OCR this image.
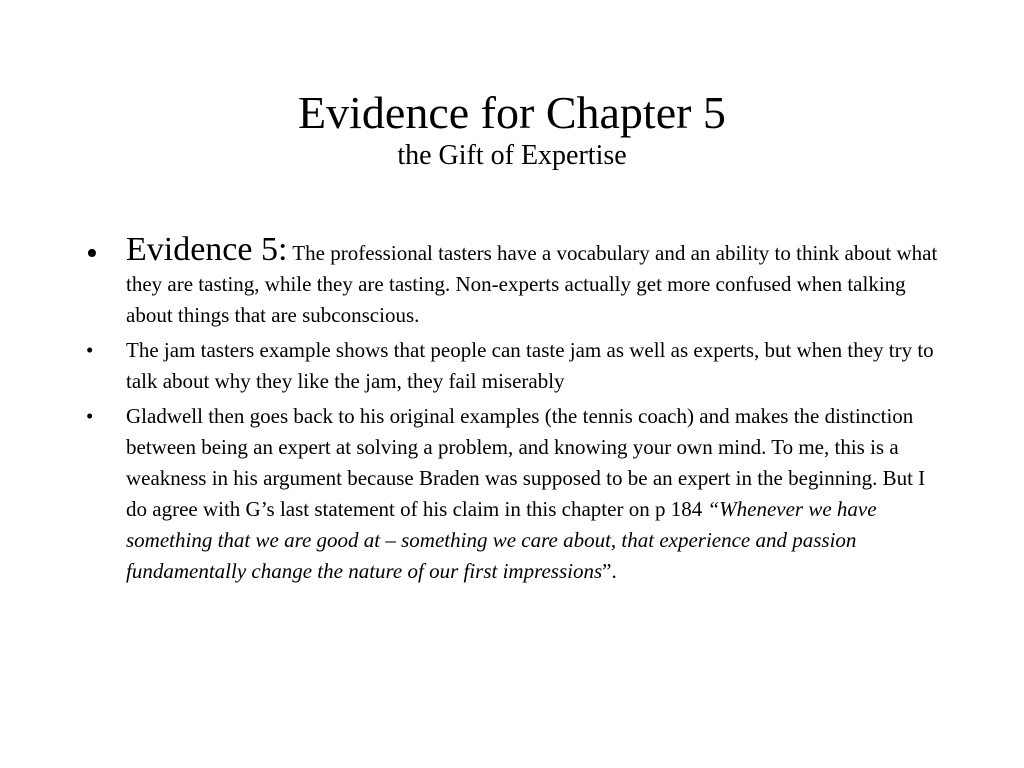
Evidence for Chapter 5
the Gift of Expertise
• Evidence 5: The professional tasters have a vocabulary and an ability to think about what they are tasting, while they are tasting. Non-experts actually get more confused when talking about things that are subconscious.
• The jam tasters example shows that people can taste jam as well as experts, but when they try to talk about why they like the jam, they fail miserably
• Gladwell then goes back to his original examples (the tennis coach) and makes the distinction between being an expert at solving a problem, and knowing your own mind. To me, this is a weakness in his argument because Braden was supposed to be an expert in the beginning. But I do agree with G’s last statement of his claim in this chapter on p 184 “Whenever we have something that we are good at – something we care about, that experience and passion fundamentally change the nature of our first impressions”.
